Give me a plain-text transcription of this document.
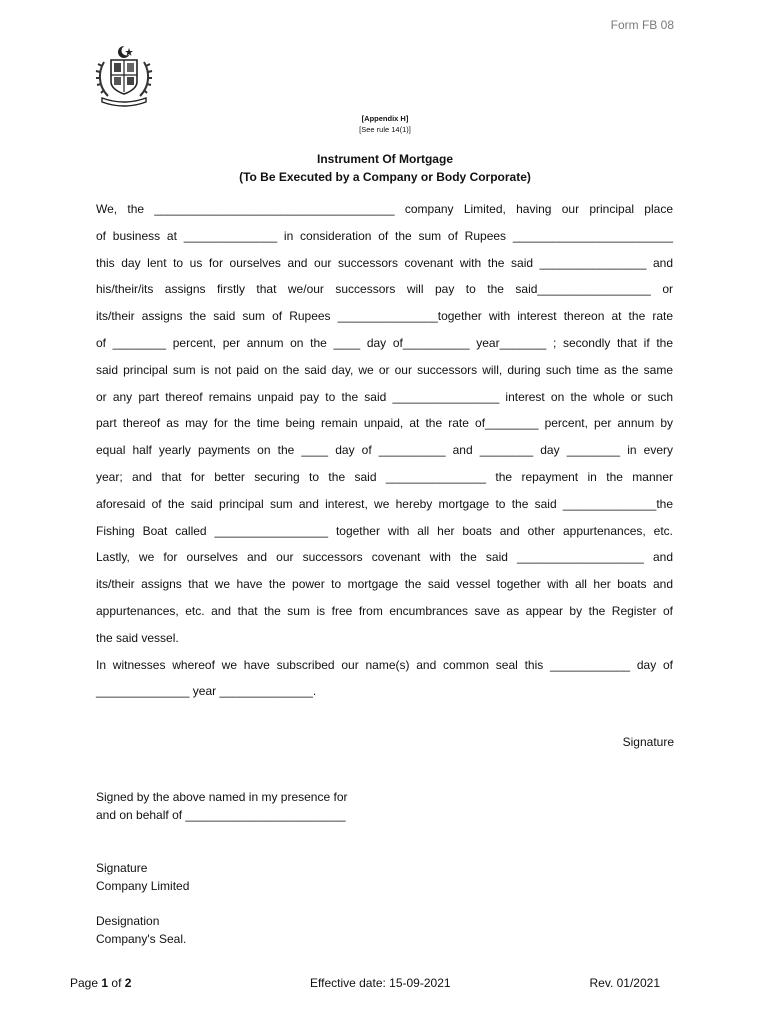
Form FB 08
[Appendix H]
[See rule 14(1)]
Instrument Of Mortgage
(To Be Executed by a Company or Body Corporate)
We, the ____________________________________ company Limited, having our principal place
of business at ______________ in consideration of the sum of Rupees ________________________
this day lent to us for ourselves and our successors covenant with the said ________________ and
his/their/its assigns firstly that we/our successors will pay to the said_________________ or
its/their assigns the said sum of Rupees _______________together with interest thereon at the rate
of ________ percent, per annum on the ____ day of__________ year_______ ; secondly that if the
said principal sum is not paid on the said day, we or our successors will, during such time as the same
or any part thereof remains unpaid pay to the said ________________ interest on the whole or such
part thereof as may for the time being remain unpaid, at the rate of________ percent, per annum by
equal half yearly payments on the ____ day of __________ and ________ day ________ in every
year; and that for better securing to the said _______________ the repayment in the manner
aforesaid of the said principal sum and interest, we hereby mortgage to the said ______________the
Fishing Boat called _________________ together with all her boats and other appurtenances, etc.
Lastly, we for ourselves and our successors covenant with the said ___________________ and
its/their assigns that we have the power to mortgage the said vessel together with all her boats and
appurtenances, etc. and that the sum is free from encumbrances save as appear by the Register of
the said vessel.
In witnesses whereof we have subscribed our name(s) and common seal this ____________ day of
______________ year ______________.
Signature
Signed by the above named in my presence for
and on behalf of ________________________
Signature
Company Limited
Designation
Company's Seal.
Page 1 of 2	Effective date: 15-09-2021	Rev. 01/2021
